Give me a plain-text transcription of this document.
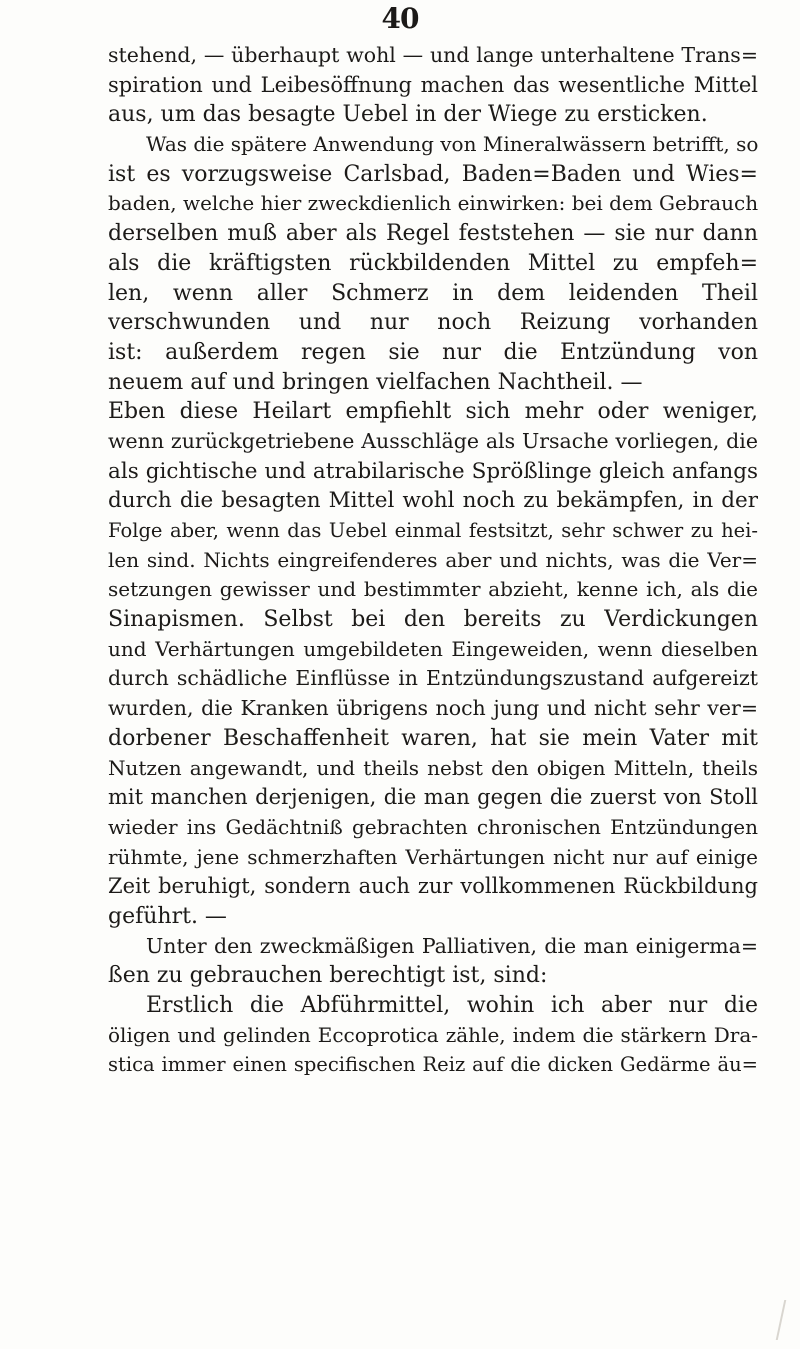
40
stehend, — überhaupt wohl — und lange unterhaltene Trans=
spiration und Leibesöffnung machen das wesentliche Mittel
aus, um das besagte Uebel in der Wiege zu ersticken.
Was die spätere Anwendung von Mineralwässern betrifft, so
ist es vorzugsweise Carlsbad, Baden=Baden und Wies=
baden, welche hier zweckdienlich einwirken: bei dem Gebrauch
derselben muß aber als Regel feststehen — sie nur dann
als die kräftigsten rückbildenden Mittel zu empfeh=
len, wenn aller Schmerz in dem leidenden Theil
verschwunden und nur noch Reizung vorhanden
ist: außerdem regen sie nur die Entzündung von
neuem auf und bringen vielfachen Nachtheil. —
Eben diese Heilart empfiehlt sich mehr oder weniger,
wenn zurückgetriebene Ausschläge als Ursache vorliegen, die
als gichtische und atrabilarische Sprößlinge gleich anfangs
durch die besagten Mittel wohl noch zu bekämpfen, in der
Folge aber, wenn das Uebel einmal festsitzt, sehr schwer zu hei-
len sind. Nichts eingreifenderes aber und nichts, was die Ver=
setzungen gewisser und bestimmter abzieht, kenne ich, als die
Sinapismen. Selbst bei den bereits zu Verdickungen
und Verhärtungen umgebildeten Eingeweiden, wenn dieselben
durch schädliche Einflüsse in Entzündungszustand aufgereizt
wurden, die Kranken übrigens noch jung und nicht sehr ver=
dorbener Beschaffenheit waren, hat sie mein Vater mit
Nutzen angewandt, und theils nebst den obigen Mitteln, theils
mit manchen derjenigen, die man gegen die zuerst von Stoll
wieder ins Gedächtniß gebrachten chronischen Entzündungen
rühmte, jene schmerzhaften Verhärtungen nicht nur auf einige
Zeit beruhigt, sondern auch zur vollkommenen Rückbildung
geführt. —
Unter den zweckmäßigen Palliativen, die man einigerma=
ßen zu gebrauchen berechtigt ist, sind:
Erstlich die Abführmittel, wohin ich aber nur die
öligen und gelinden Eccoprotica zähle, indem die stärkern Dra-
stica immer einen specifischen Reiz auf die dicken Gedärme äu=
